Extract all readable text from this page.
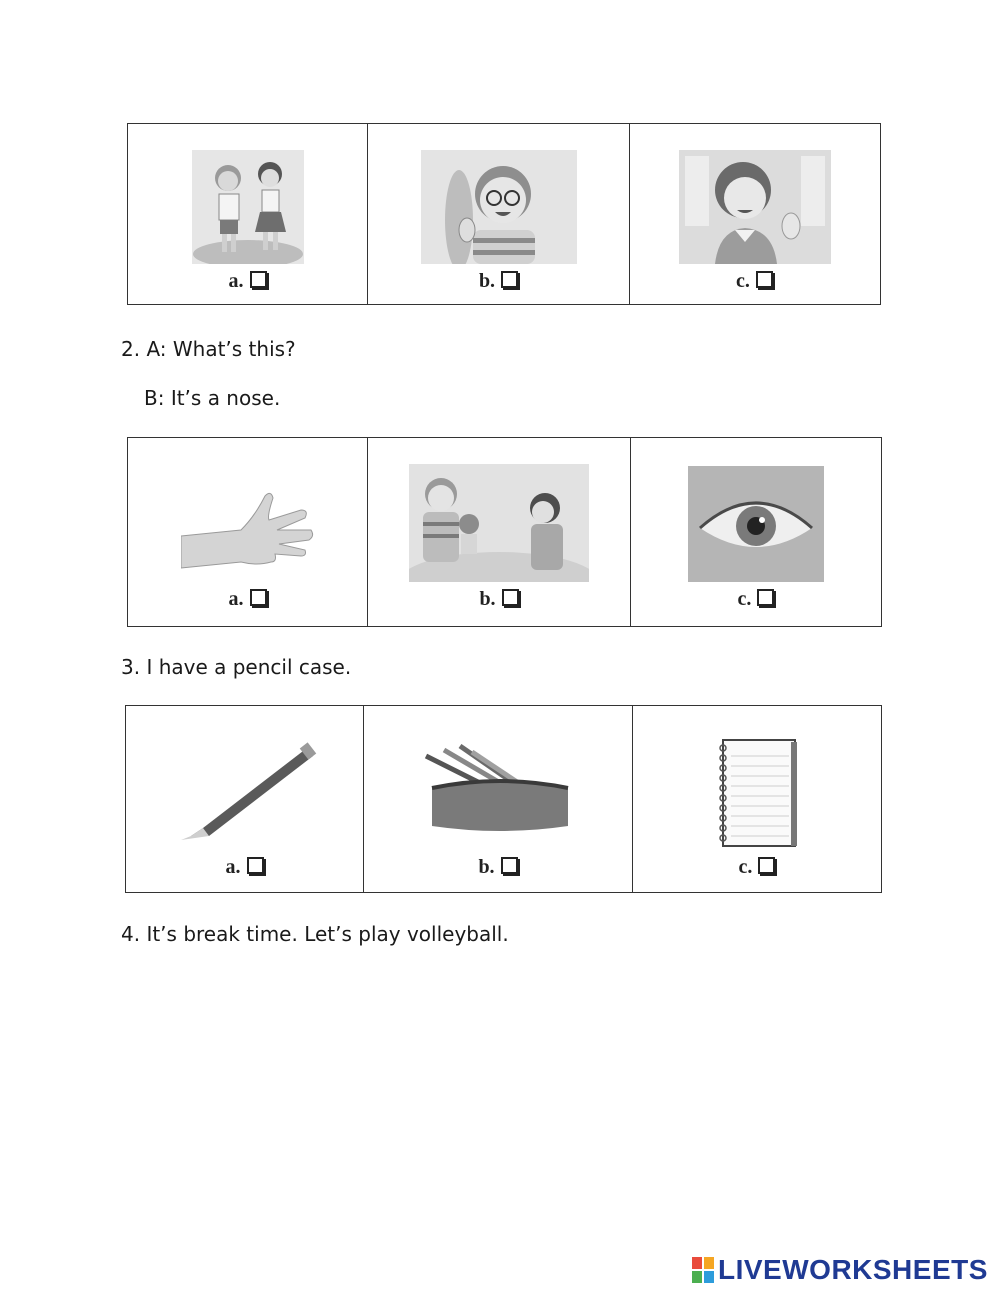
a.	b.	c.
2. A: What’s this?
B: It’s a nose.
a.	b.	c.
3. I have a pencil case.
a.	b.	c.
4. It’s break time. Let’s play volleyball.
LIVEWORKSHEETS
